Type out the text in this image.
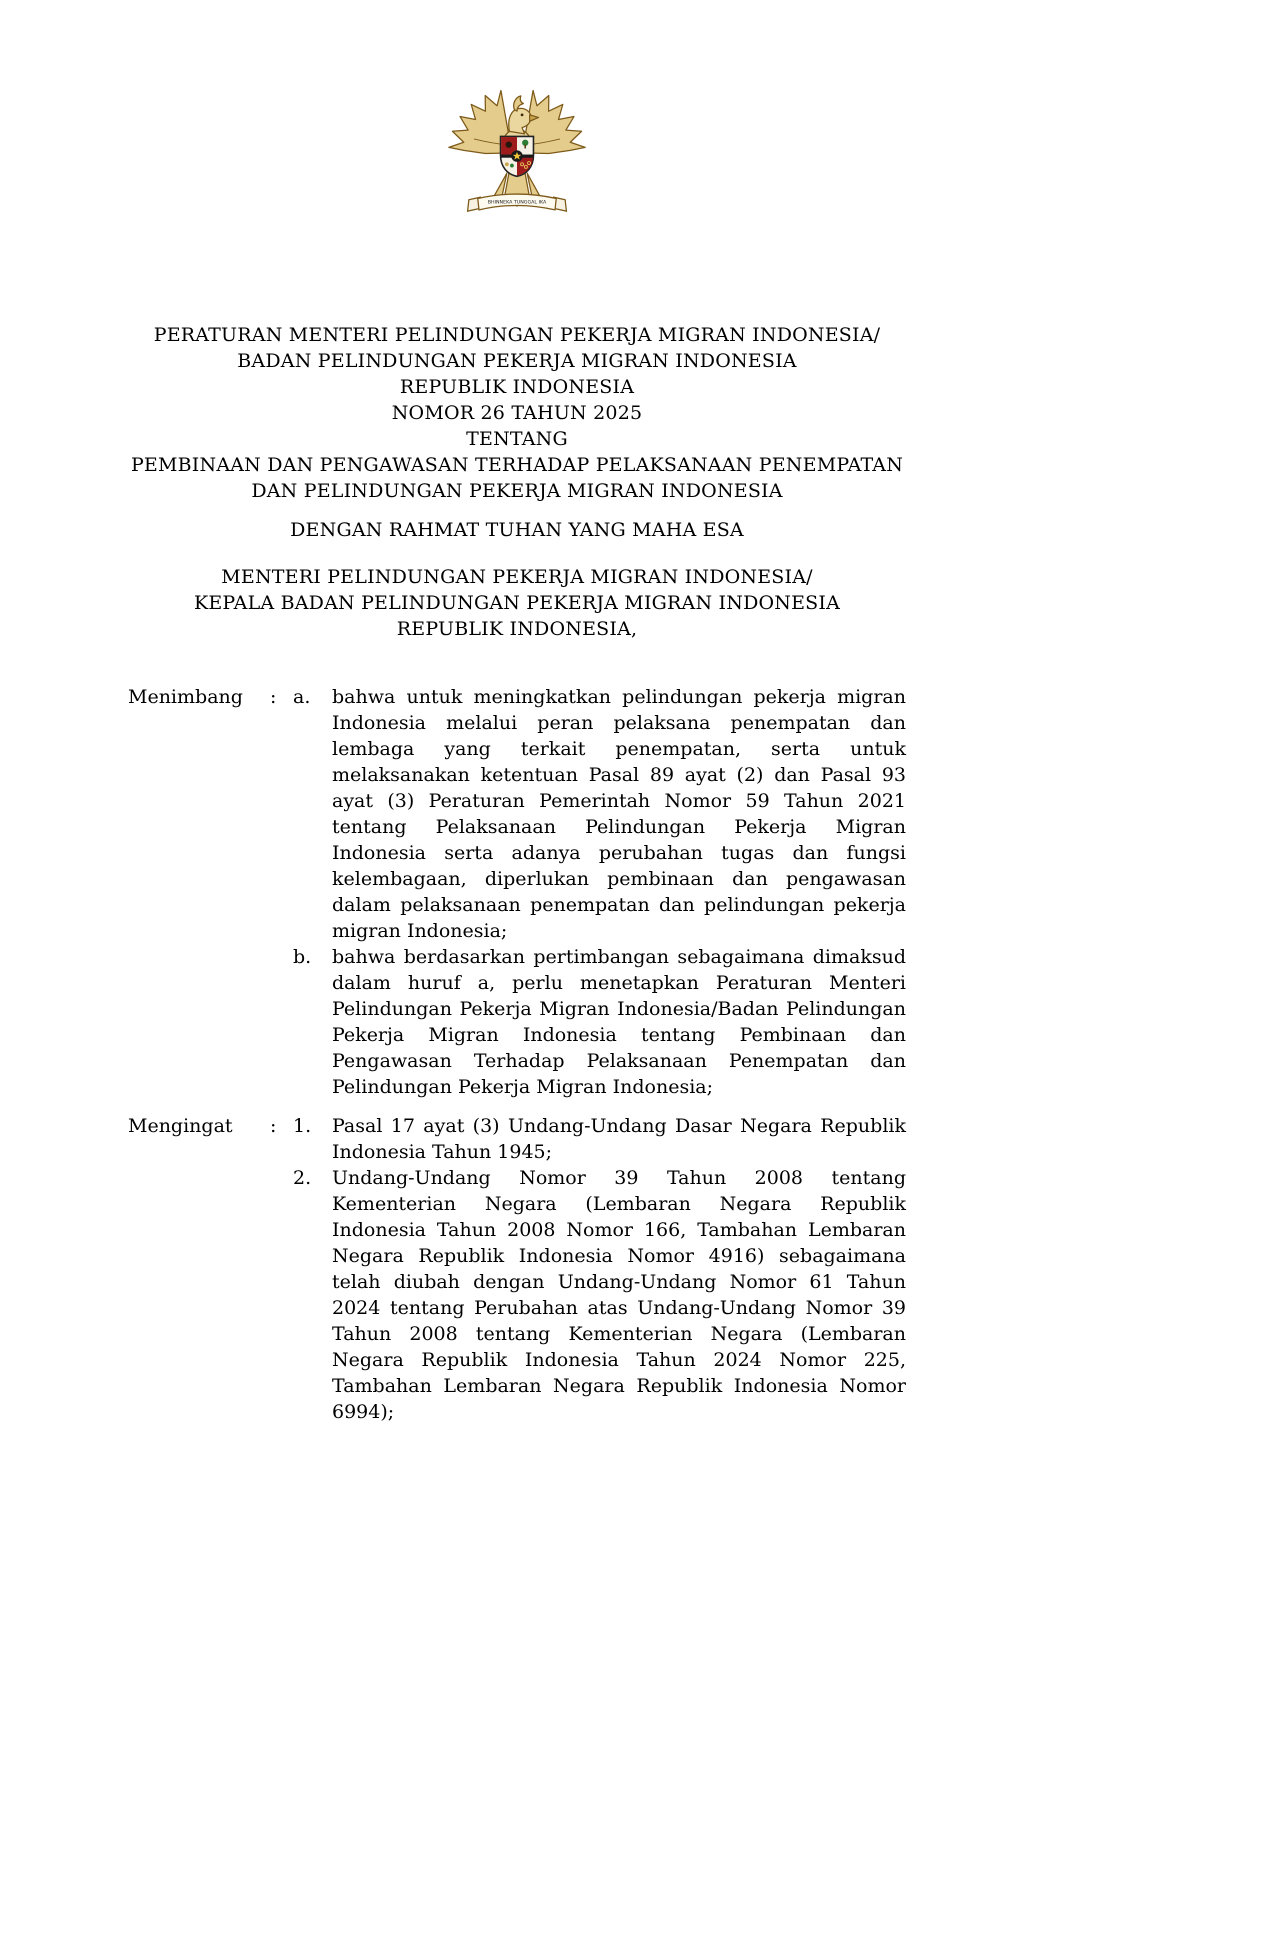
BHINNEKA TUNGGAL IKA
PERATURAN MENTERI PELINDUNGAN PEKERJA MIGRAN INDONESIA/
BADAN PELINDUNGAN PEKERJA MIGRAN INDONESIA
REPUBLIK INDONESIA
NOMOR 26 TAHUN 2025
TENTANG
PEMBINAAN DAN PENGAWASAN TERHADAP PELAKSANAAN PENEMPATAN
DAN PELINDUNGAN PEKERJA MIGRAN INDONESIA
DENGAN RAHMAT TUHAN YANG MAHA ESA
MENTERI PELINDUNGAN PEKERJA MIGRAN INDONESIA/
KEPALA BADAN PELINDUNGAN PEKERJA MIGRAN INDONESIA
REPUBLIK INDONESIA,
Menimbang	: a.	bahwa untuk meningkatkan pelindungan pekerja migran Indonesia melalui peran pelaksana penempatan dan lembaga yang terkait penempatan, serta untuk melaksanakan ketentuan Pasal 89 ayat (2) dan Pasal 93 ayat (3) Peraturan Pemerintah Nomor 59 Tahun 2021 tentang Pelaksanaan Pelindungan Pekerja Migran Indonesia serta adanya perubahan tugas dan fungsi kelembagaan, diperlukan pembinaan dan pengawasan dalam pelaksanaan penempatan dan pelindungan pekerja migran Indonesia;
b.	bahwa berdasarkan pertimbangan sebagaimana dimaksud dalam huruf a, perlu menetapkan Peraturan Menteri Pelindungan Pekerja Migran Indonesia/Badan Pelindungan Pekerja Migran Indonesia tentang Pembinaan dan Pengawasan Terhadap Pelaksanaan Penempatan dan Pelindungan Pekerja Migran Indonesia;
Mengingat	: 1.	Pasal 17 ayat (3) Undang-Undang Dasar Negara Republik Indonesia Tahun 1945;
2.	Undang-Undang Nomor 39 Tahun 2008 tentang Kementerian Negara (Lembaran Negara Republik Indonesia Tahun 2008 Nomor 166, Tambahan Lembaran Negara Republik Indonesia Nomor 4916) sebagaimana telah diubah dengan Undang-Undang Nomor 61 Tahun 2024 tentang Perubahan atas Undang-Undang Nomor 39 Tahun 2008 tentang Kementerian Negara (Lembaran Negara Republik Indonesia Tahun 2024 Nomor 225, Tambahan Lembaran Negara Republik Indonesia Nomor 6994);
